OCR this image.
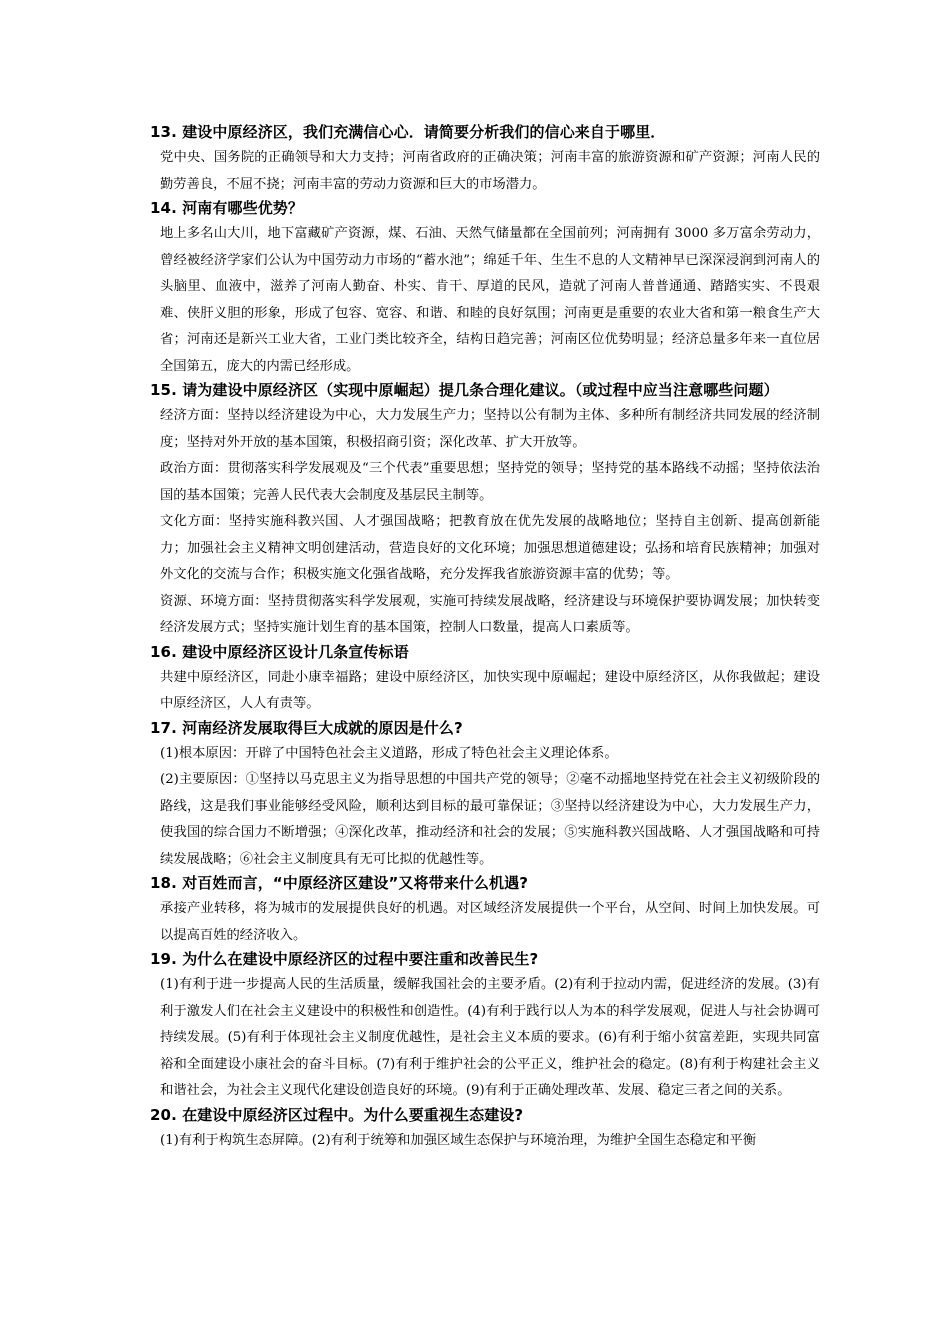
13. 建设中原经济区，我们充满信心心．请简要分析我们的信心来自于哪里．
党中央、国务院的正确领导和大力支持；河南省政府的正确决策；河南丰富的旅游资源和矿产资源；河南人民的勤劳善良，不屈不挠；河南丰富的劳动力资源和巨大的市场潜力。
14. 河南有哪些优势？
地上多名山大川，地下富藏矿产资源，煤、石油、天然气储量都在全国前列；河南拥有 3000 多万富余劳动力，曾经被经济学家们公认为中国劳动力市场的“蓄水池”；绵延千年、生生不息的人文精神早已深深浸润到河南人的头脑里、血液中，滋养了河南人勤奋、朴实、肯干、厚道的民风，造就了河南人普普通通、踏踏实实、不畏艰难、侠肝义胆的形象，形成了包容、宽容、和谐、和睦的良好氛围；河南更是重要的农业大省和第一粮食生产大省；河南还是新兴工业大省，工业门类比较齐全，结构日趋完善；河南区位优势明显；经济总量多年来一直位居全国第五，庞大的内需已经形成。
15. 请为建设中原经济区（实现中原崛起）提几条合理化建议。（或过程中应当注意哪些问题）
经济方面：坚持以经济建设为中心，大力发展生产力；坚持以公有制为主体、多种所有制经济共同发展的经济制度；坚持对外开放的基本国策，积极招商引资；深化改革、扩大开放等。
政治方面：贯彻落实科学发展观及“三个代表”重要思想；坚持党的领导；坚持党的基本路线不动摇；坚持依法治国的基本国策；完善人民代表大会制度及基层民主制等。
文化方面：坚持实施科教兴国、人才强国战略；把教育放在优先发展的战略地位；坚持自主创新、提高创新能力；加强社会主义精神文明创建活动，营造良好的文化环境；加强思想道德建设；弘扬和培育民族精神；加强对外文化的交流与合作；积极实施文化强省战略，充分发挥我省旅游资源丰富的优势；等。
资源、环境方面：坚持贯彻落实科学发展观，实施可持续发展战略，经济建设与环境保护要协调发展；加快转变经济发展方式；坚持实施计划生育的基本国策，控制人口数量，提高人口素质等。
16. 建设中原经济区设计几条宣传标语
共建中原经济区，同赴小康幸福路；建设中原经济区，加快实现中原崛起；建设中原经济区，从你我做起；建设中原经济区，人人有责等。
17. 河南经济发展取得巨大成就的原因是什么?
(1)根本原因：开辟了中国特色社会主义道路，形成了特色社会主义理论体系。
(2)主要原因：①坚持以马克思主义为指导思想的中国共产党的领导；②毫不动摇地坚持党在社会主义初级阶段的路线，这是我们事业能够经受风险，顺利达到目标的最可靠保证；③坚持以经济建设为中心，大力发展生产力，使我国的综合国力不断增强；④深化改革，推动经济和社会的发展；⑤实施科教兴国战略、人才强国战略和可持续发展战略；⑥社会主义制度具有无可比拟的优越性等。
18. 对百姓而言，“中原经济区建设”又将带来什么机遇?
承接产业转移，将为城市的发展提供良好的机遇。对区域经济发展提供一个平台，从空间、时间上加快发展。可以提高百姓的经济收入。
19. 为什么在建设中原经济区的过程中要注重和改善民生?
(1)有利于进一步提高人民的生活质量，缓解我国社会的主要矛盾。(2)有利于拉动内需，促进经济的发展。(3)有利于激发人们在社会主义建设中的积极性和创造性。(4)有利于践行以人为本的科学发展观，促进人与社会协调可持续发展。(5)有利于体现社会主义制度优越性，是社会主义本质的要求。(6)有利于缩小贫富差距，实现共同富裕和全面建设小康社会的奋斗目标。(7)有利于维护社会的公平正义，维护社会的稳定。(8)有利于构建社会主义和谐社会，为社会主义现代化建设创造良好的环境。(9)有利于正确处理改革、发展、稳定三者之间的关系。
20. 在建设中原经济区过程中。为什么要重视生态建设?
(1)有利于构筑生态屏障。(2)有利于统筹和加强区域生态保护与环境治理，为维护全国生态稳定和平衡
